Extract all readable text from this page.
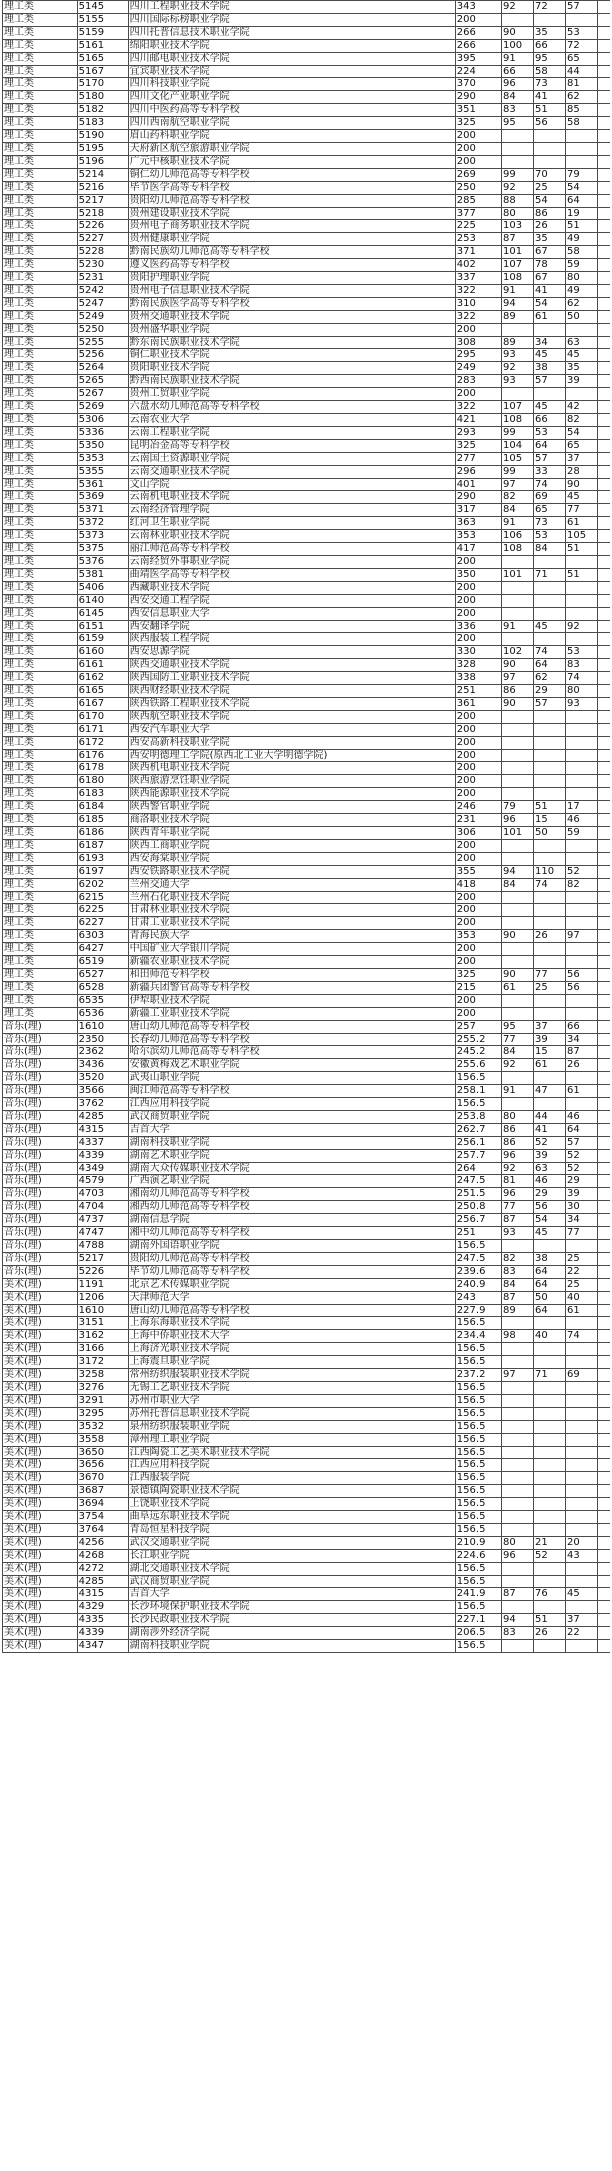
理工类	5145	四川工程职业技术学院	343	92	72	57	
理工类	5155	四川国际标榜职业学院	200				
理工类	5159	四川托普信息技术职业学院	266	90	35	53	
理工类	5161	绵阳职业技术学院	266	100	66	72	
理工类	5165	四川邮电职业技术学院	395	91	95	65	
理工类	5167	宜宾职业技术学院	224	66	58	44	
理工类	5170	四川科技职业学院	370	96	73	81	
理工类	5180	四川文化产业职业学院	290	84	41	62	
理工类	5182	四川中医药高等专科学校	351	83	51	85	
理工类	5183	四川西南航空职业学院	325	95	56	58	
理工类	5190	眉山药科职业学院	200				
理工类	5195	天府新区航空旅游职业学院	200				
理工类	5196	广元中核职业技术学院	200				
理工类	5214	铜仁幼儿师范高等专科学校	269	99	70	79	
理工类	5216	毕节医学高等专科学校	250	92	25	54	
理工类	5217	贵阳幼儿师范高等专科学校	285	88	54	64	
理工类	5218	贵州建设职业技术学院	377	80	86	19	
理工类	5226	贵州电子商务职业技术学院	225	103	26	51	
理工类	5227	贵州健康职业学院	253	87	35	49	
理工类	5228	黔南民族幼儿师范高等专科学校	371	101	67	58	
理工类	5230	遵义医药高等专科学校	402	107	78	59	
理工类	5231	贵阳护理职业学院	337	108	67	80	
理工类	5242	贵州电子信息职业技术学院	322	91	41	49	
理工类	5247	黔南民族医学高等专科学校	310	94	54	62	
理工类	5249	贵州交通职业技术学院	322	89	61	50	
理工类	5250	贵州盛华职业学院	200				
理工类	5255	黔东南民族职业技术学院	308	89	34	63	
理工类	5256	铜仁职业技术学院	295	93	45	45	
理工类	5264	贵阳职业技术学院	249	92	38	35	
理工类	5265	黔西南民族职业技术学院	283	93	57	39	
理工类	5267	贵州工贸职业学院	200				
理工类	5269	六盘水幼儿师范高等专科学校	322	107	45	42	
理工类	5306	云南农业大学	421	108	66	82	
理工类	5336	云南工程职业学院	293	99	53	54	
理工类	5350	昆明冶金高等专科学校	325	104	64	65	
理工类	5353	云南国土资源职业学院	277	105	57	37	
理工类	5355	云南交通职业技术学院	296	99	33	28	
理工类	5361	文山学院	401	97	74	90	
理工类	5369	云南机电职业技术学院	290	82	69	45	
理工类	5371	云南经济管理学院	317	84	65	77	
理工类	5372	红河卫生职业学院	363	91	73	61	
理工类	5373	云南林业职业技术学院	353	106	53	105	
理工类	5375	丽江师范高等专科学校	417	108	84	51	
理工类	5376	云南经贸外事职业学院	200				
理工类	5381	曲靖医学高等专科学校	350	101	71	51	
理工类	5406	西藏职业技术学院	200				
理工类	6140	西安交通工程学院	200				
理工类	6145	西安信息职业大学	200				
理工类	6151	西安翻译学院	336	91	45	92	
理工类	6159	陕西服装工程学院	200				
理工类	6160	西安思源学院	330	102	74	53	
理工类	6161	陕西交通职业技术学院	328	90	64	83	
理工类	6162	陕西国防工业职业技术学院	338	97	62	74	
理工类	6165	陕西财经职业技术学院	251	86	29	80	
理工类	6167	陕西铁路工程职业技术学院	361	90	57	93	
理工类	6170	陕西航空职业技术学院	200				
理工类	6171	西安汽车职业大学	200				
理工类	6172	西安高新科技职业学院	200				
理工类	6176	西安明德理工学院(原西北工业大学明德学院)	200				
理工类	6178	陕西机电职业技术学院	200				
理工类	6180	陕西旅游烹饪职业学院	200				
理工类	6183	陕西能源职业技术学院	200				
理工类	6184	陕西警官职业学院	246	79	51	17	
理工类	6185	商洛职业技术学院	231	96	15	46	
理工类	6186	陕西青年职业学院	306	101	50	59	
理工类	6187	陕西工商职业学院	200				
理工类	6193	西安海棠职业学院	200				
理工类	6197	西安铁路职业技术学院	355	94	110	52	
理工类	6202	兰州交通大学	418	84	74	82	
理工类	6215	兰州石化职业技术学院	200				
理工类	6225	甘肃林业职业技术学院	200				
理工类	6227	甘肃工业职业技术学院	200				
理工类	6303	青海民族大学	353	90	26	97	
理工类	6427	中国矿业大学银川学院	200				
理工类	6519	新疆农业职业技术学院	200				
理工类	6527	和田师范专科学校	325	90	77	56	
理工类	6528	新疆兵团警官高等专科学校	215	61	25	56	
理工类	6535	伊犁职业技术学院	200				
理工类	6536	新疆工业职业技术学院	200				
音乐(理)	1610	唐山幼儿师范高等专科学校	257	95	37	66	
音乐(理)	2350	长春幼儿师范高等专科学校	255.2	77	39	34	
音乐(理)	2362	哈尔滨幼儿师范高等专科学校	245.2	84	15	87	
音乐(理)	3436	安徽黄梅戏艺术职业学院	255.6	92	61	26	
音乐(理)	3520	武夷山职业学院	156.5				
音乐(理)	3566	闽江师范高等专科学校	258.1	91	47	61	
音乐(理)	3762	江西应用科技学院	156.5				
音乐(理)	4285	武汉商贸职业学院	253.8	80	44	46	
音乐(理)	4315	吉首大学	262.7	86	41	64	
音乐(理)	4337	湖南科技职业学院	256.1	86	52	57	
音乐(理)	4339	湖南艺术职业学院	257.7	96	39	52	
音乐(理)	4349	湖南大众传媒职业技术学院	264	92	63	52	
音乐(理)	4579	广西演艺职业学院	247.5	81	46	29	
音乐(理)	4703	湘南幼儿师范高等专科学校	251.5	96	29	39	
音乐(理)	4704	湘西幼儿师范高等专科学校	250.8	77	56	30	
音乐(理)	4737	湖南信息学院	256.7	87	54	34	
音乐(理)	4747	湘中幼儿师范高等专科学校	251	93	45	77	
音乐(理)	4788	湖南外国语职业学院	156.5				
音乐(理)	5217	贵阳幼儿师范高等专科学校	247.5	82	38	25	
音乐(理)	5226	毕节幼儿师范高等专科学校	239.6	83	64	22	
美术(理)	1191	北京艺术传媒职业学院	240.9	84	64	25	
美术(理)	1206	天津师范大学	243	87	50	40	
美术(理)	1610	唐山幼儿师范高等专科学校	227.9	89	64	61	
美术(理)	3151	上海东海职业技术学院	156.5				
美术(理)	3162	上海中侨职业技术大学	234.4	98	40	74	
美术(理)	3166	上海济光职业技术学院	156.5				
美术(理)	3172	上海震旦职业学院	156.5				
美术(理)	3258	常州纺织服装职业技术学院	237.2	97	71	69	
美术(理)	3276	无锡工艺职业技术学院	156.5				
美术(理)	3291	苏州市职业大学	156.5				
美术(理)	3295	苏州托普信息职业技术学院	156.5				
美术(理)	3532	泉州纺织服装职业学院	156.5				
美术(理)	3558	漳州理工职业学院	156.5				
美术(理)	3650	江西陶瓷工艺美术职业技术学院	156.5				
美术(理)	3656	江西应用科技学院	156.5				
美术(理)	3670	江西服装学院	156.5				
美术(理)	3687	景德镇陶瓷职业技术学院	156.5				
美术(理)	3694	上饶职业技术学院	156.5				
美术(理)	3754	曲阜远东职业技术学院	156.5				
美术(理)	3764	青岛恒星科技学院	156.5				
美术(理)	4256	武汉交通职业学院	210.9	80	21	20	
美术(理)	4268	长江职业学院	224.6	96	52	43	
美术(理)	4272	湖北交通职业技术学院	156.5				
美术(理)	4285	武汉商贸职业学院	156.5				
美术(理)	4315	吉首大学	241.9	87	76	45	
美术(理)	4329	长沙环境保护职业技术学院	156.5				
美术(理)	4335	长沙民政职业技术学院	227.1	94	51	37	
美术(理)	4339	湖南涉外经济学院	206.5	83	26	22	
美术(理)	4347	湖南科技职业学院	156.5				
